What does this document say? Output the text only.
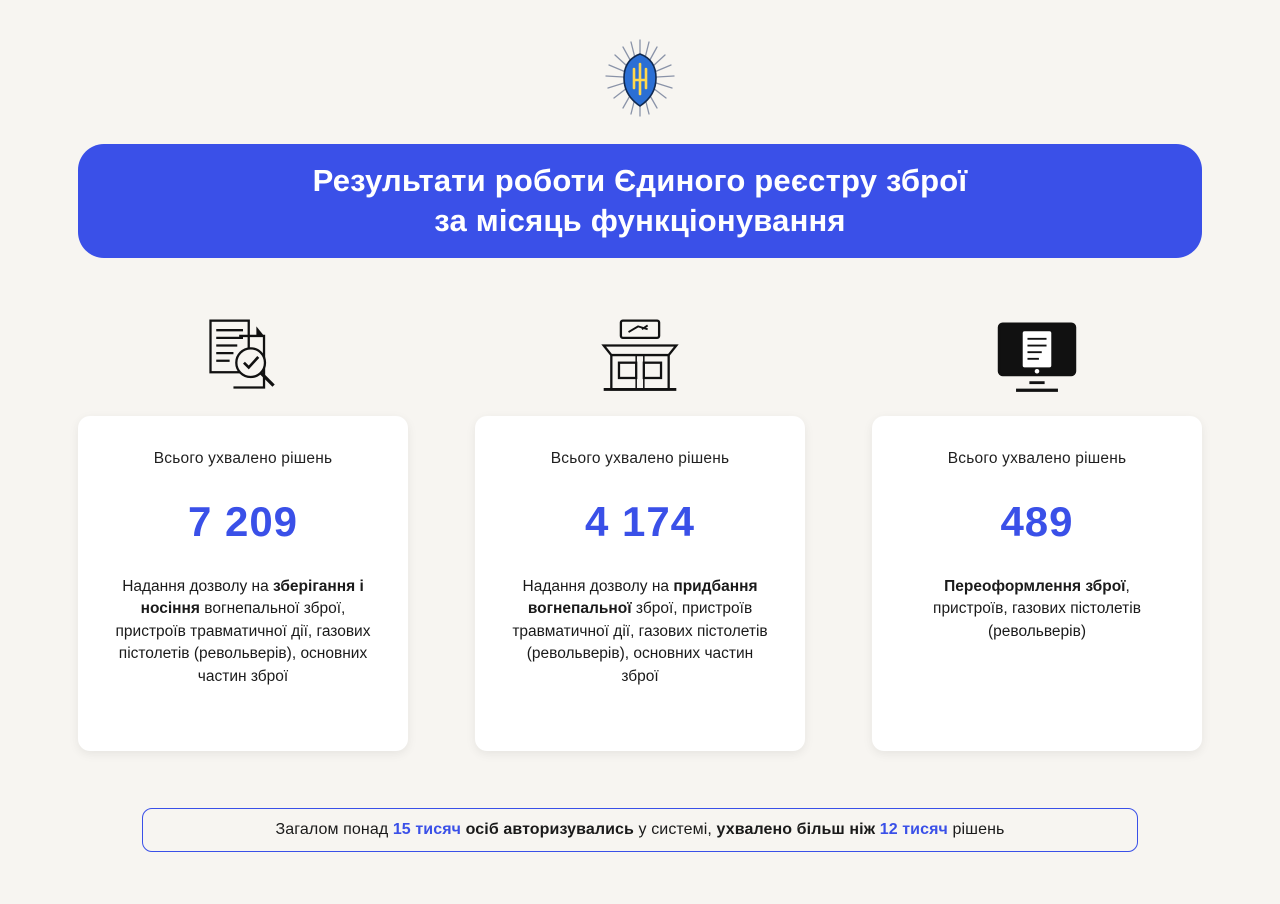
Результати роботи Єдиного реєстру зброї
за місяць функціонування
Всього ухвалено рішень
7 209
Надання дозволу на зберігання і носіння вогнепальної зброї, пристроїв травматичної дії, газових пістолетів (револьверів), основних частин зброї
Всього ухвалено рішень
4 174
Надання дозволу на придбання вогнепальної зброї, пристроїв травматичної дії, газових пістолетів (револьверів), основних частин зброї
Всього ухвалено рішень
489
Переоформлення зброї, пристроїв, газових пістолетів (револьверів)
Загалом понад 15 тисяч осіб авторизувались у системі, ухвалено більш ніж 12 тисяч рішень
